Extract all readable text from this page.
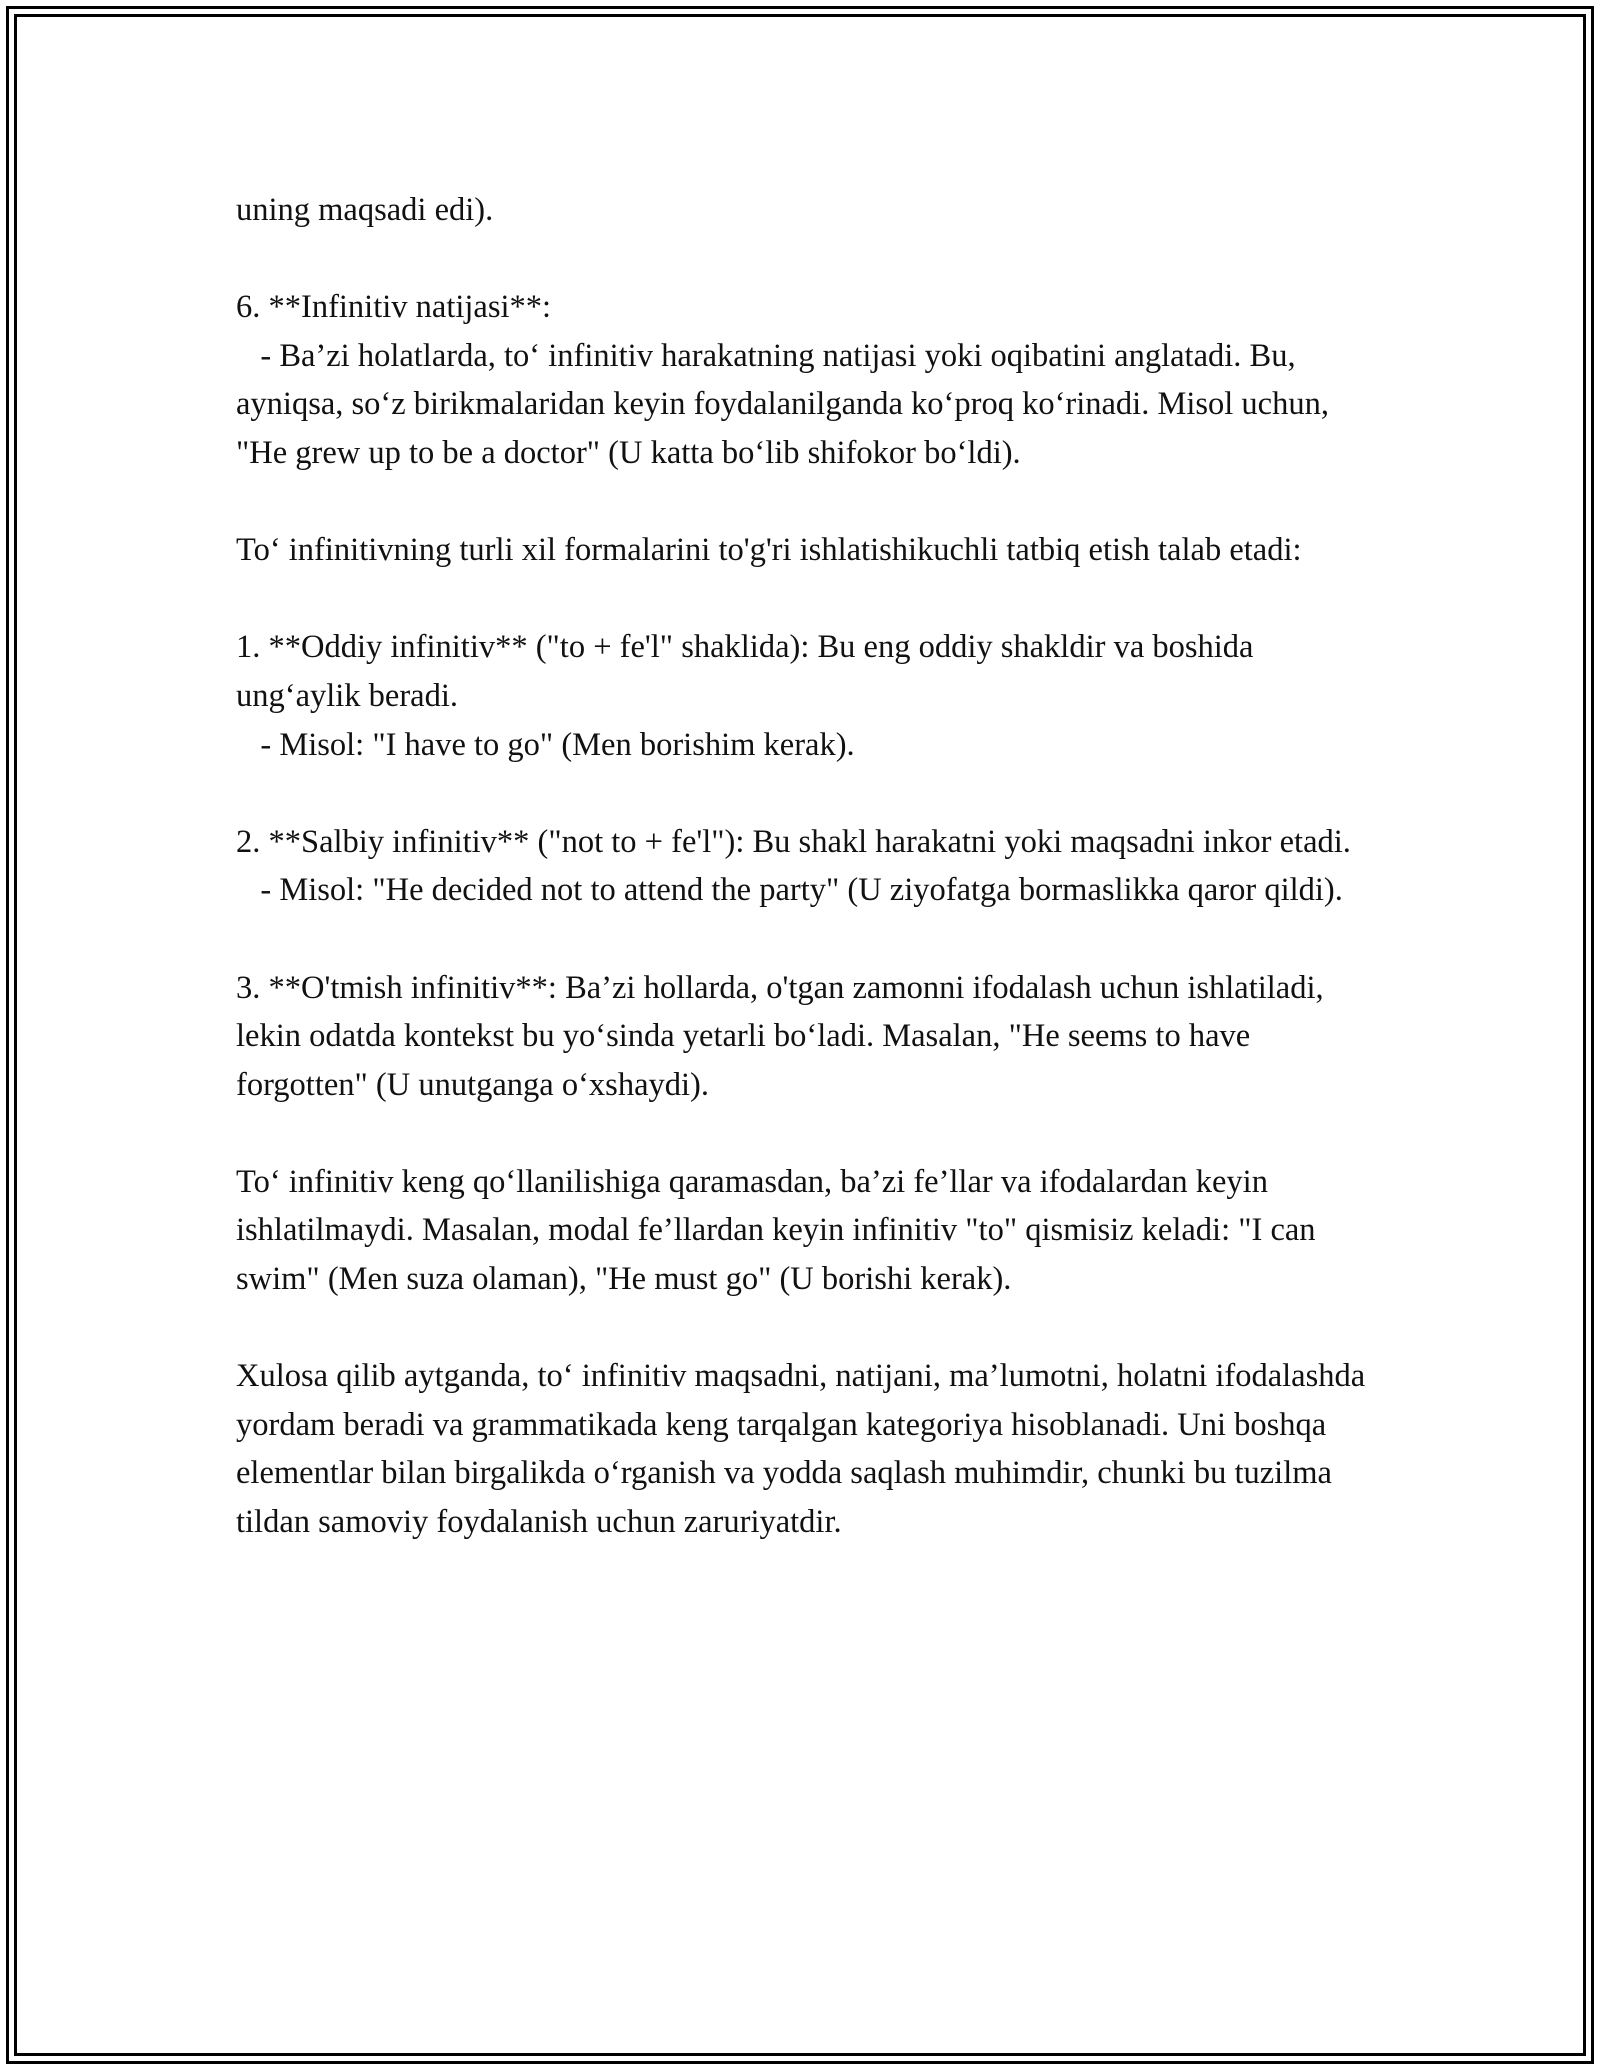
uning maqsadi edi).

6. **Infinitiv natijasi**:
- Ba’zi holatlarda, to‘ infinitiv harakatning natijasi yoki oqibatini anglatadi. Bu, ayniqsa, so‘z birikmalaridan keyin foydalanilganda ko‘proq ko‘rinadi. Misol uchun, "He grew up to be a doctor" (U katta bo‘lib shifokor bo‘ldi).

To‘ infinitivning turli xil formalarini to'g'ri ishlatishikuchli tatbiq etish talab etadi:

1. **Oddiy infinitiv** ("to + fe'l" shaklida): Bu eng oddiy shakldir va boshida ung‘aylik beradi.
- Misol: "I have to go" (Men borishim kerak).

2. **Salbiy infinitiv** ("not to + fe'l"): Bu shakl harakatni yoki maqsadni inkor etadi.
- Misol: "He decided not to attend the party" (U ziyofatga bormaslikka qaror qildi).

3. **O'tmish infinitiv**: Ba’zi hollarda, o'tgan zamonni ifodalash uchun ishlatiladi, lekin odatda kontekst bu yo‘sinda yetarli bo‘ladi. Masalan, "He seems to have forgotten" (U unutganga o‘xshaydi).

To‘ infinitiv keng qo‘llanilishiga qaramasdan, ba’zi fe’llar va ifodalardan keyin ishlatilmaydi. Masalan, modal fe’llardan keyin infinitiv "to" qismisiz keladi: "I can swim" (Men suza olaman), "He must go" (U borishi kerak).

Xulosa qilib aytganda, to‘ infinitiv maqsadni, natijani, ma’lumotni, holatni ifodalashda yordam beradi va grammatikada keng tarqalgan kategoriya hisoblanadi. Uni boshqa elementlar bilan birgalikda o‘rganish va yodda saqlash muhimdir, chunki bu tuzilma tildan samoviy foydalanish uchun zaruriyatdir.
